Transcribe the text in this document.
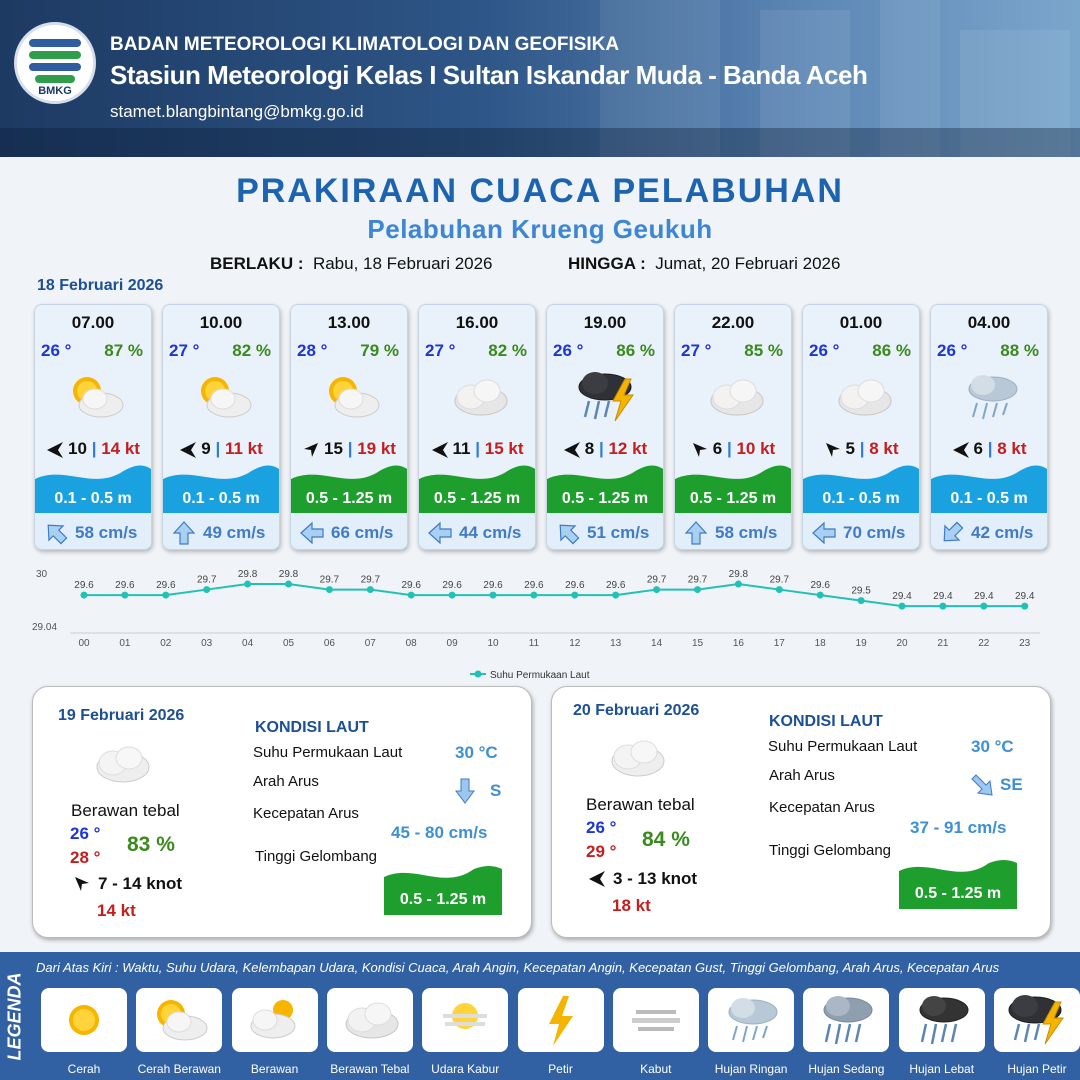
BMKG
BADAN METEOROLOGI KLIMATOLOGI DAN GEOFISIKA
Stasiun Meteorologi Kelas I Sultan Iskandar Muda - Banda Aceh
stamet.blangbintang@bmkg.go.id
PRAKIRAAN CUACA PELABUHAN
Pelabuhan Krueng Geukuh
BERLAKU : Rabu, 18 Februari 2026	HINGGA : Jumat, 20 Februari 2026
18 Februari 2026
07.00
26 ° 87 %
10 | 14 kt
0.1 - 0.5 m
58 cm/s
10.00
27 ° 82 %
9 | 11 kt
0.1 - 0.5 m
49 cm/s
13.00
28 ° 79 %
15 | 19 kt
0.5 - 1.25 m
66 cm/s
16.00
27 ° 82 %
11 | 15 kt
0.5 - 1.25 m
44 cm/s
19.00
26 ° 86 %
8 | 12 kt
0.5 - 1.25 m
51 cm/s
22.00
27 ° 85 %
6 | 10 kt
0.5 - 1.25 m
58 cm/s
01.00
26 ° 86 %
5 | 8 kt
0.1 - 0.5 m
70 cm/s
04.00
26 ° 88 %
6 | 8 kt
0.1 - 0.5 m
42 cm/s
30
29.04
29.6
00
29.6
01
29.6
02
29.7
03
29.8
04
29.8
05
29.7
06
29.7
07
29.6
08
29.6
09
29.6
10
29.6
11
29.6
12
29.6
13
29.7
14
29.7
15
29.8
16
29.7
17
29.6
18
29.5
19
29.4
20
29.4
21
29.4
22
29.4
23
Suhu Permukaan Laut
19 Februari 2026
Berawan tebal
26 °
28 °
83 %
7 - 14 knot
14 kt
KONDISI LAUT
Suhu Permukaan Laut	30 °C
Arah Arus	S
Kecepatan Arus
45 - 80 cm/s
Tinggi Gelombang
0.5 - 1.25 m
20 Februari 2026
Berawan tebal
26 °
29 °
84 %
3 - 13 knot
18 kt
KONDISI LAUT
Suhu Permukaan Laut	30 °C
Arah Arus	SE
Kecepatan Arus
37 - 91 cm/s
Tinggi Gelombang
0.5 - 1.25 m
LEGENDA
Dari Atas Kiri : Waktu, Suhu Udara, Kelembapan Udara, Kondisi Cuaca, Arah Angin, Kecepatan Angin, Kecepatan Gust, Tinggi Gelombang, Arah Arus, Kecepatan Arus
Cerah	Cerah Berawan	Berawan	Berawan Tebal	Udara Kabur	Petir	Kabut	Hujan Ringan	Hujan Sedang	Hujan Lebat	Hujan Petir
